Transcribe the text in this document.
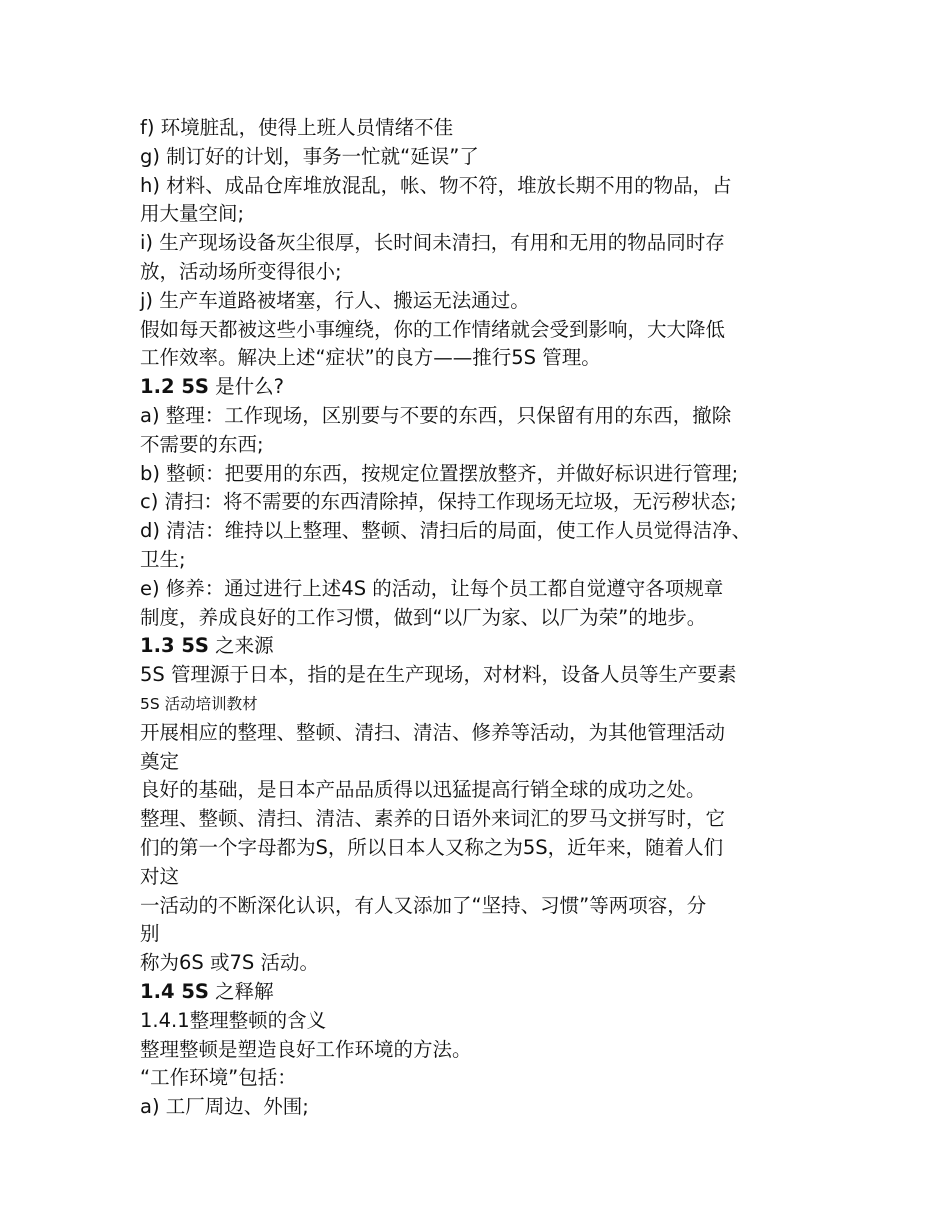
f) 环境脏乱，使得上班人员情绪不佳

g) 制订好的计划，事务一忙就“延误”了

h) 材料、成品仓库堆放混乱，帐、物不符，堆放长期不用的物品，占

用大量空间;

i) 生产现场设备灰尘很厚，长时间未清扫，有用和无用的物品同时存

放，活动场所变得很小;

j) 生产车道路被堵塞，行人、搬运无法通过。

假如每天都被这些小事缠绕，你的工作情绪就会受到影响，大大降低

工作效率。解决上述“症状”的良方——推行5S 管理。

1.2 5S 是什么?

a) 整理：工作现场，区别要与不要的东西，只保留有用的东西，撤除

不需要的东西;

b) 整顿：把要用的东西，按规定位置摆放整齐，并做好标识进行管理;

c) 清扫：将不需要的东西清除掉，保持工作现场无垃圾，无污秽状态;

d) 清洁：维持以上整理、整顿、清扫后的局面，使工作人员觉得洁净、

卫生;

e) 修养：通过进行上述4S 的活动，让每个员工都自觉遵守各项规章

制度，养成良好的工作习惯，做到“以厂为家、以厂为荣”的地步。

1.3 5S 之来源

5S 管理源于日本，指的是在生产现场，对材料，设备人员等生产要素

5S 活动培训教材

开展相应的整理、整顿、清扫、清洁、修养等活动，为其他管理活动

奠定

良好的基础，是日本产品品质得以迅猛提高行销全球的成功之处。

整理、整顿、清扫、清洁、素养的日语外来词汇的罗马文拼写时，它

们的第一个字母都为S，所以日本人又称之为5S，近年来，随着人们

对这

一活动的不断深化认识，有人又添加了“坚持、习惯”等两项容，分

别

称为6S 或7S 活动。

1.4 5S 之释解

1.4.1整理整顿的含义

整理整顿是塑造良好工作环境的方法。

“工作环境”包括：

a) 工厂周边、外围;
